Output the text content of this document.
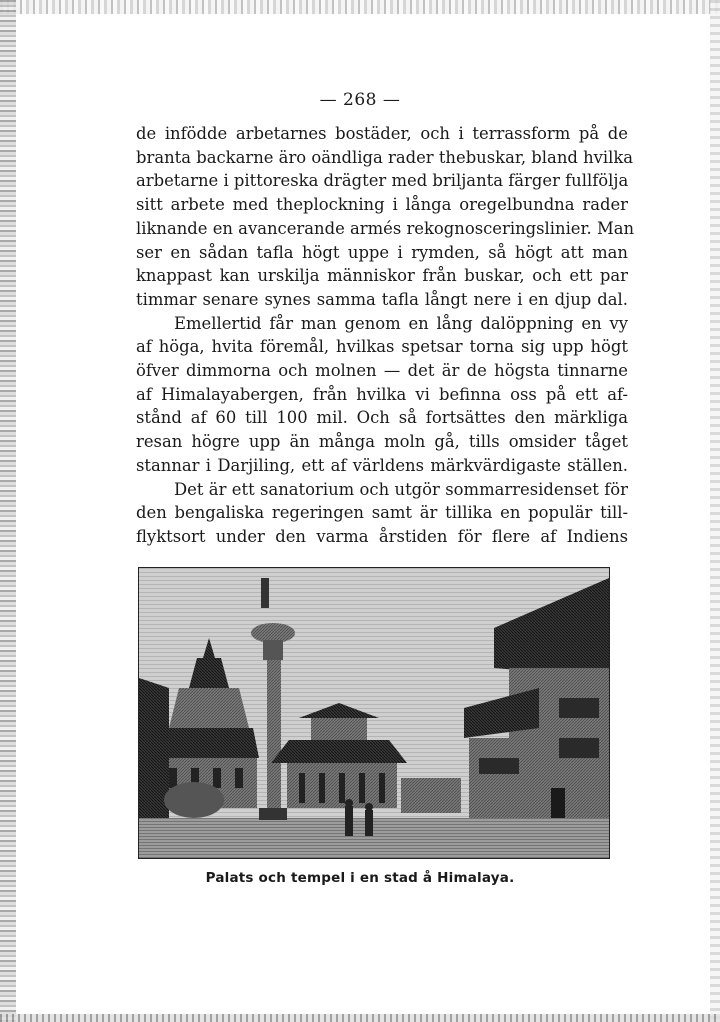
— 268 —
de infödde arbetarnes bostäder, och i terrassform på de
branta backarne äro oändliga rader thebuskar, bland hvilka
arbetarne i pittoreska drägter med briljanta färger fullfölja
sitt arbete med theplockning i långa oregelbundna rader
liknande en avancerande armés rekognosceringslinier. Man
ser en sådan tafla högt uppe i rymden, så högt att man
knappast kan urskilja människor från buskar, och ett par
timmar senare synes samma tafla långt nere i en djup dal.
Emellertid får man genom en lång dalöppning en vy
af höga, hvita föremål, hvilkas spetsar torna sig upp högt
öfver dimmorna och molnen — det är de högsta tinnarne
af Himalayabergen, från hvilka vi befinna oss på ett af-
stånd af 60 till 100 mil. Och så fortsättes den märkliga
resan högre upp än många moln gå, tills omsider tåget
stannar i Darjiling, ett af världens märkvärdigaste ställen.
Det är ett sanatorium och utgör sommarresidenset för
den bengaliska regeringen samt är tillika en populär till-
flyktsort under den varma årstiden för flere af Indiens
Palats och tempel i en stad å Himalaya.
